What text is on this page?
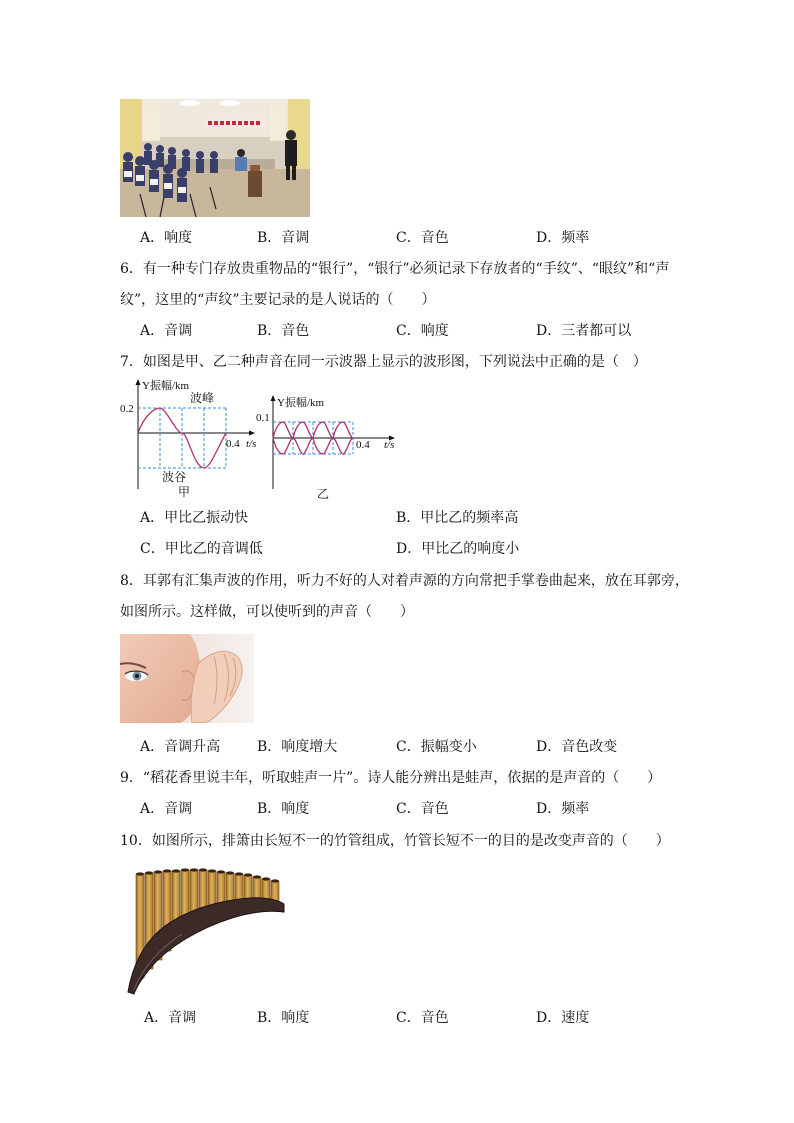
A．响度	B．音调	C．音色	D．频率
6．有一种专门存放贵重物品的“银行”，“银行”必须记录下存放者的“手纹”、“眼纹”和“声
纹”，这里的“声纹”主要记录的是人说话的（　　）
A．音调	B．音色	C．响度	D．三者都可以
7．如图是甲、乙二种声音在同一示波器上显示的波形图，下列说法中正确的是（　）
Y振幅/km
0.2
波峰
0.4 t/s
波谷
甲
Y振幅/km
0.1
0.4 t/s
乙
A．甲比乙振动快	B．甲比乙的频率高
C．甲比乙的音调低	D．甲比乙的响度小
8．耳郭有汇集声波的作用，听力不好的人对着声源的方向常把手掌卷曲起来，放在耳郭旁，
如图所示。这样做，可以使听到的声音（　　）
A．音调升高	B．响度增大	C．振幅变小	D．音色改变
9．“稻花香里说丰年，听取蛙声一片”。诗人能分辨出是蛙声，依据的是声音的（　　）
A．音调	B．响度	C．音色	D．频率
10．如图所示，排箫由长短不一的竹管组成，竹管长短不一的目的是改变声音的（　　）
A．音调	B．响度	C．音色	D．速度
